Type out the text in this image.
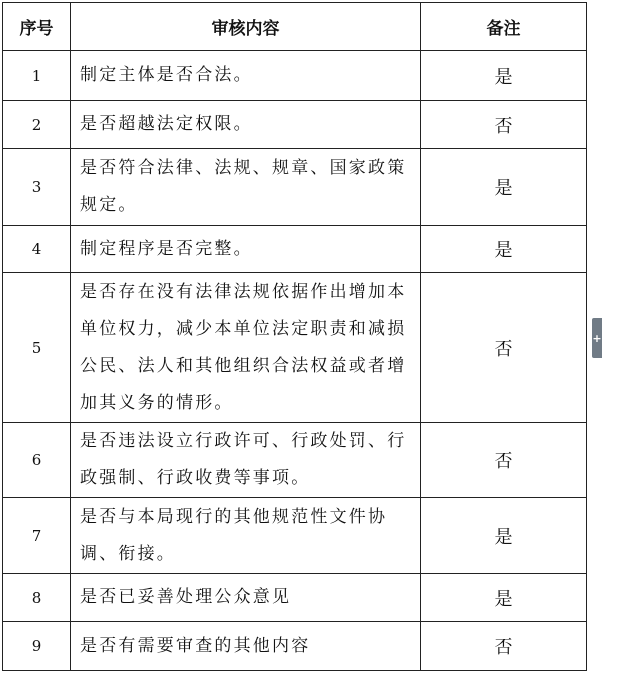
序号	审核内容	备注
1	制定主体是否合法。	是
2	是否超越法定权限。	否
3	是否符合法律、法规、规章、国家政策规定。	是
4	制定程序是否完整。	是
5	是否存在没有法律法规依据作出增加本单位权力，减少本单位法定职责和减损公民、法人和其他组织合法权益或者增加其义务的情形。	否
6	是否违法设立行政许可、行政处罚、行政强制、行政收费等事项。	否
7	是否与本局现行的其他规范性文件协 调、衔接。	是
8	是否已妥善处理公众意见	是
9	是否有需要审查的其他内容	否
+
